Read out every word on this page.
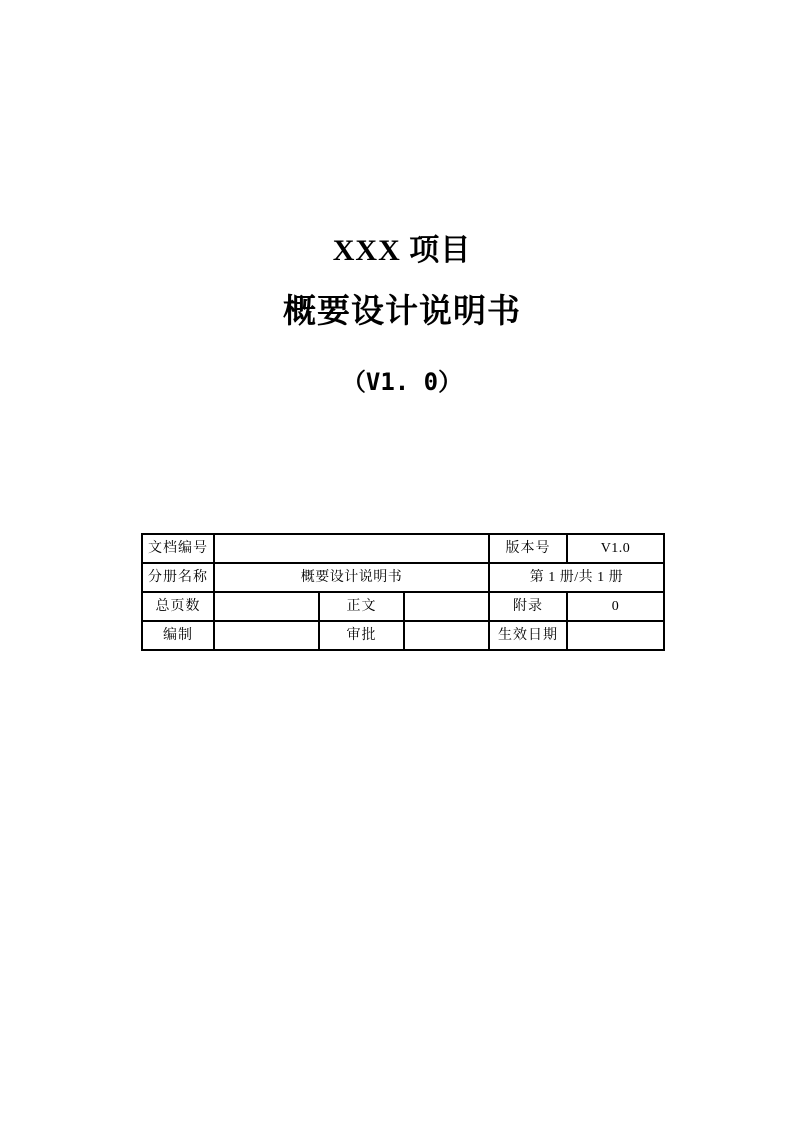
XXX 项目
概要设计说明书
（V1. 0）
文档编号				版本号	V1.0
分册名称	概要设计说明书			第 1 册/共 1 册	
总页数		正文		附录	0
编制		审批		生效日期	
